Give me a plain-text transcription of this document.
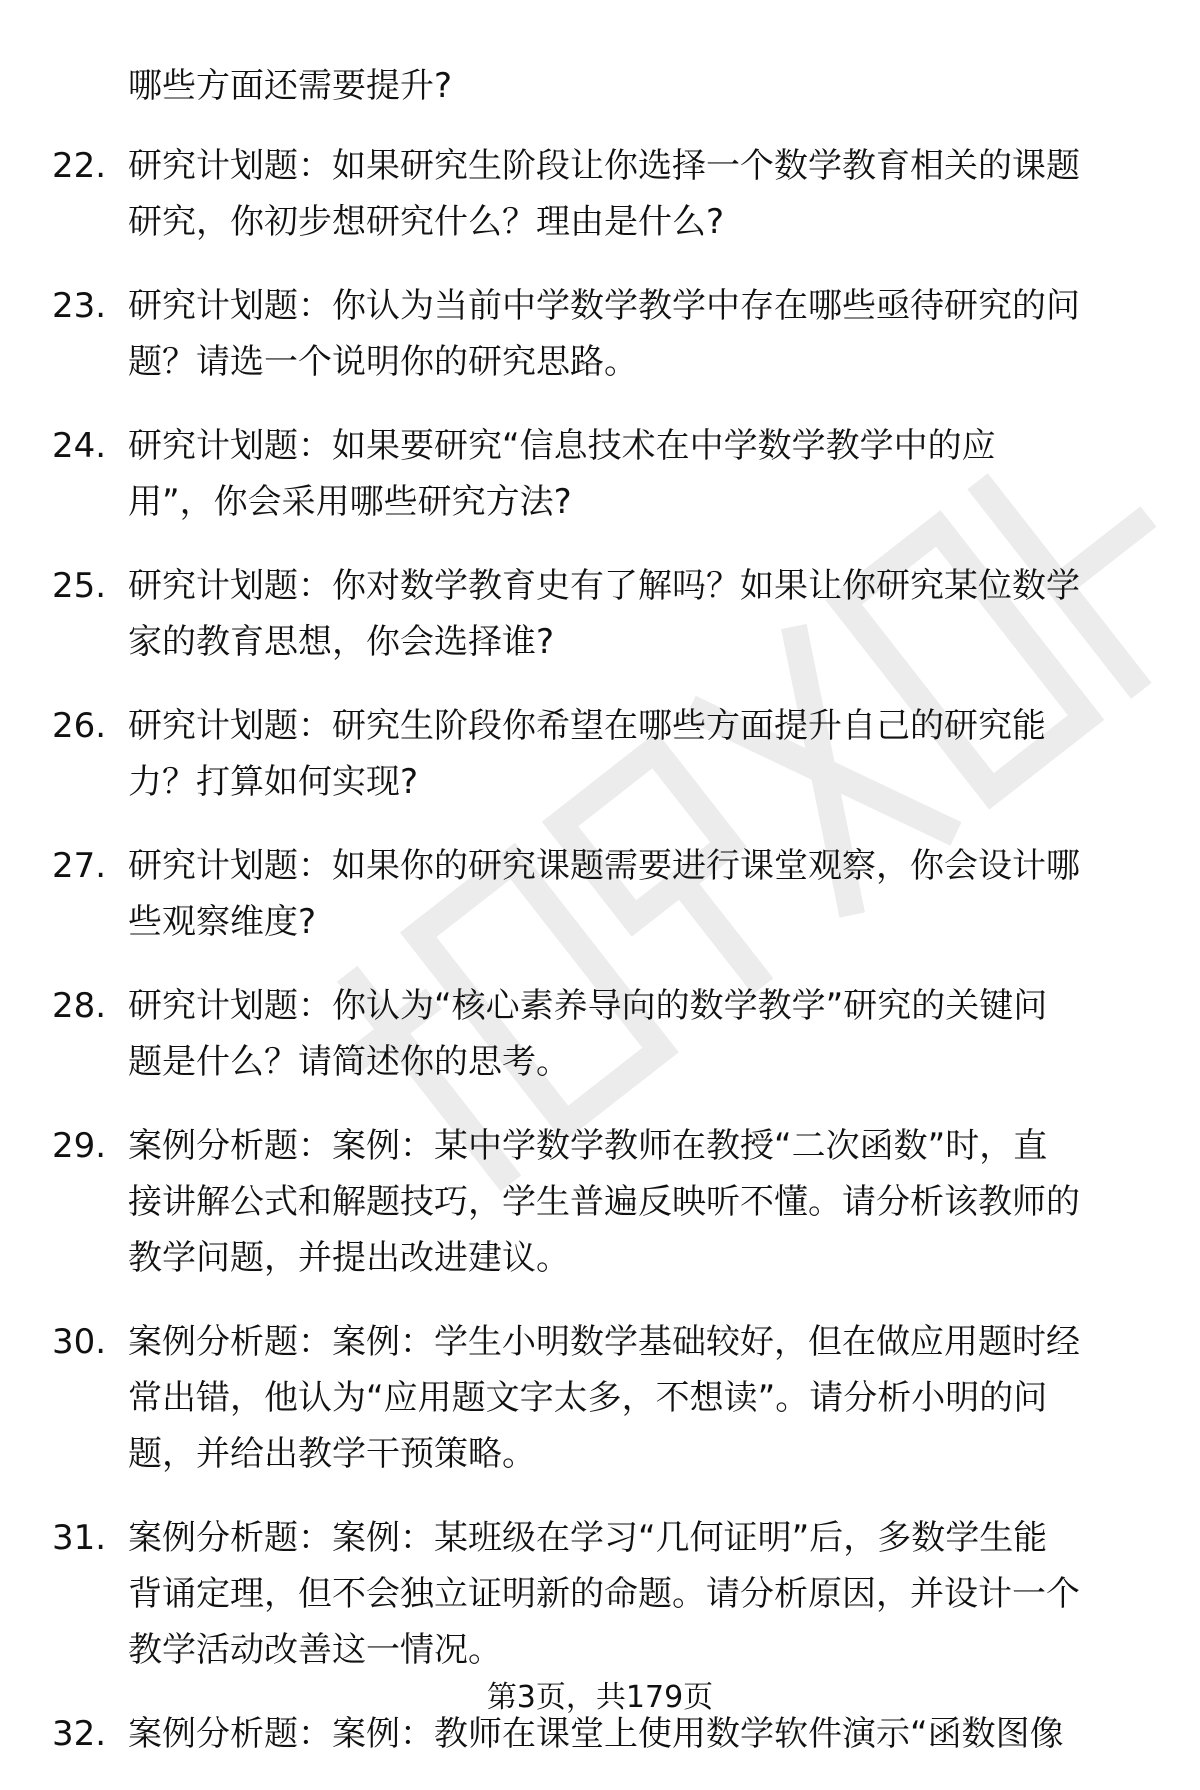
哪些方面还需要提升?
22. 研究计划题：如果研究生阶段让你选择一个数学教育相关的课题
研究，你初步想研究什么？理由是什么?
23. 研究计划题：你认为当前中学数学教学中存在哪些亟待研究的问
题？请选一个说明你的研究思路。
24. 研究计划题：如果要研究“信息技术在中学数学教学中的应
用”，你会采用哪些研究方法?
25. 研究计划题：你对数学教育史有了解吗？如果让你研究某位数学
家的教育思想，你会选择谁?
26. 研究计划题：研究生阶段你希望在哪些方面提升自己的研究能
力？打算如何实现?
27. 研究计划题：如果你的研究课题需要进行课堂观察，你会设计哪
些观察维度?
28. 研究计划题：你认为“核心素养导向的数学教学”研究的关键问
题是什么？请简述你的思考。
29. 案例分析题：案例：某中学数学教师在教授“二次函数”时，直
接讲解公式和解题技巧，学生普遍反映听不懂。请分析该教师的
教学问题，并提出改进建议。
30. 案例分析题：案例：学生小明数学基础较好，但在做应用题时经
常出错，他认为“应用题文字太多，不想读”。请分析小明的问
题，并给出教学干预策略。
31. 案例分析题：案例：某班级在学习“几何证明”后，多数学生能
背诵定理，但不会独立证明新的命题。请分析原因，并设计一个
教学活动改善这一情况。
32. 案例分析题：案例：教师在课堂上使用数学软件演示“函数图像
第3页，共179页
